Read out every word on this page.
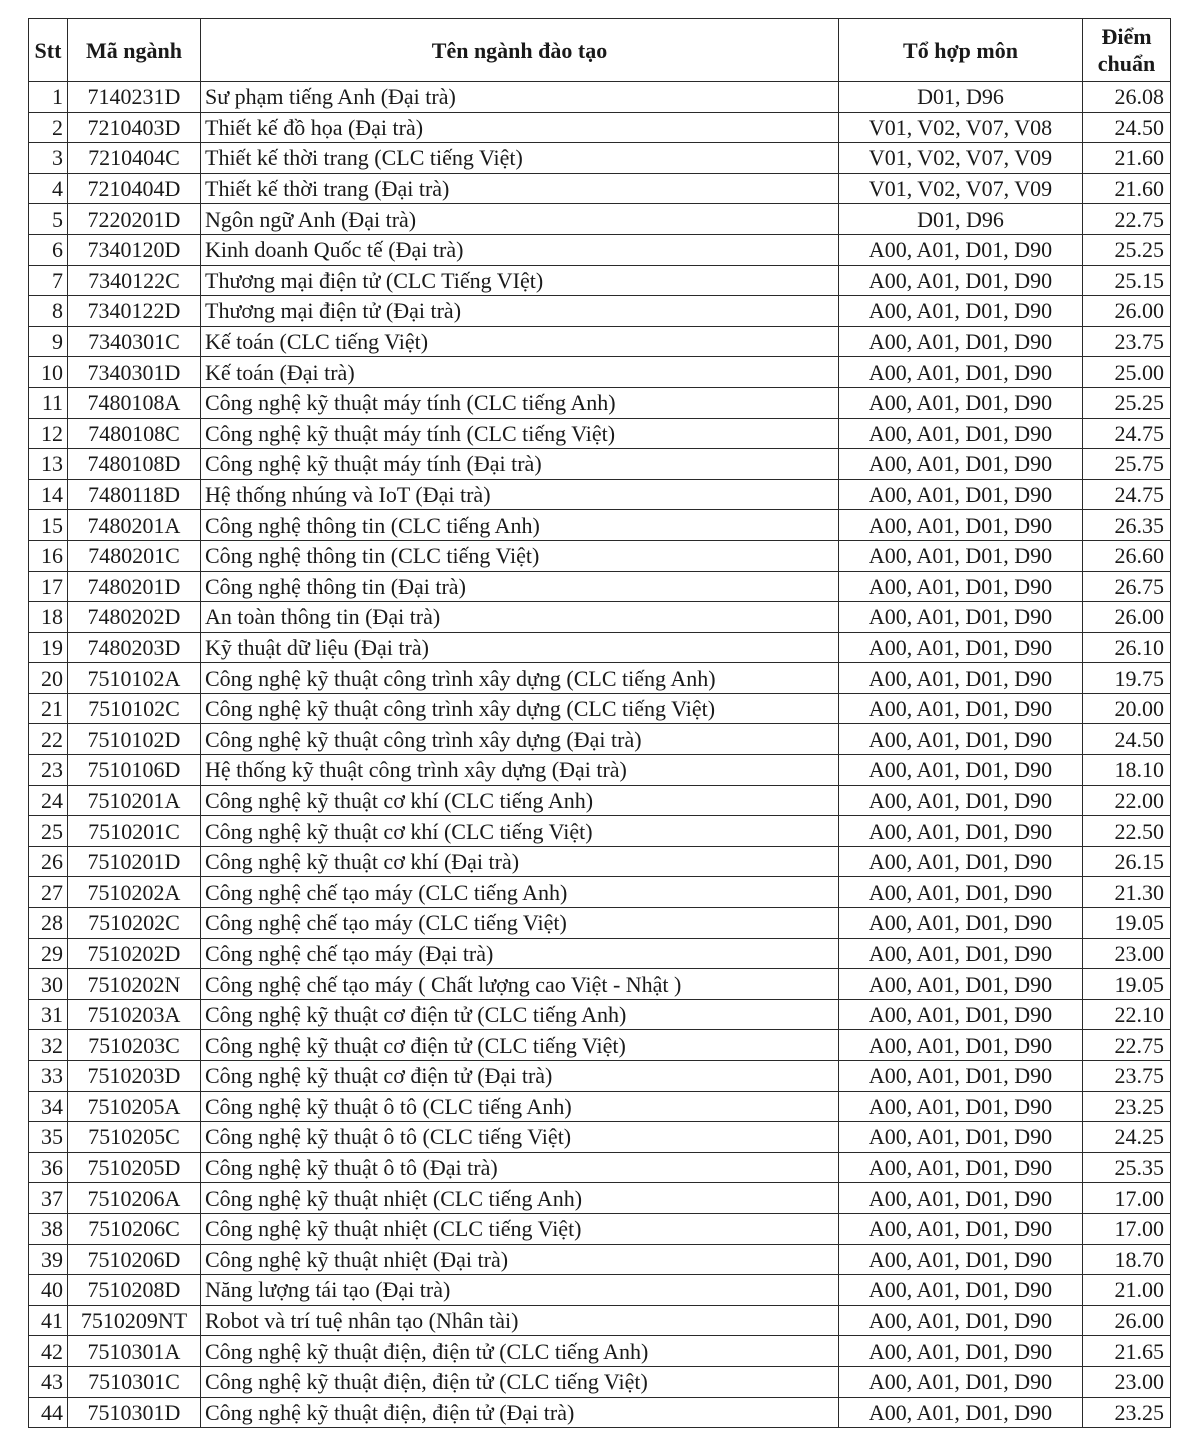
Stt	Mã ngành	Tên ngành đào tạo	Tổ hợp môn	Điểm chuẩn
1	7140231D	Sư phạm tiếng Anh (Đại trà)	D01, D96	26.08
2	7210403D	Thiết kế đồ họa (Đại trà)	V01, V02, V07, V08	24.50
3	7210404C	Thiết kế thời trang (CLC tiếng Việt)	V01, V02, V07, V09	21.60
4	7210404D	Thiết kế thời trang (Đại trà)	V01, V02, V07, V09	21.60
5	7220201D	Ngôn ngữ Anh (Đại trà)	D01, D96	22.75
6	7340120D	Kinh doanh Quốc tế (Đại trà)	A00, A01, D01, D90	25.25
7	7340122C	Thương mại điện tử (CLC Tiếng VIệt)	A00, A01, D01, D90	25.15
8	7340122D	Thương mại điện tử (Đại trà)	A00, A01, D01, D90	26.00
9	7340301C	Kế toán (CLC tiếng Việt)	A00, A01, D01, D90	23.75
10	7340301D	Kế toán (Đại trà)	A00, A01, D01, D90	25.00
11	7480108A	Công nghệ kỹ thuật máy tính (CLC tiếng Anh)	A00, A01, D01, D90	25.25
12	7480108C	Công nghệ kỹ thuật máy tính (CLC tiếng Việt)	A00, A01, D01, D90	24.75
13	7480108D	Công nghệ kỹ thuật máy tính (Đại trà)	A00, A01, D01, D90	25.75
14	7480118D	Hệ thống nhúng và IoT (Đại trà)	A00, A01, D01, D90	24.75
15	7480201A	Công nghệ thông tin (CLC tiếng Anh)	A00, A01, D01, D90	26.35
16	7480201C	Công nghệ thông tin (CLC tiếng Việt)	A00, A01, D01, D90	26.60
17	7480201D	Công nghệ thông tin (Đại trà)	A00, A01, D01, D90	26.75
18	7480202D	An toàn thông tin (Đại trà)	A00, A01, D01, D90	26.00
19	7480203D	Kỹ thuật dữ liệu (Đại trà)	A00, A01, D01, D90	26.10
20	7510102A	Công nghệ kỹ thuật công trình xây dựng (CLC tiếng Anh)	A00, A01, D01, D90	19.75
21	7510102C	Công nghệ kỹ thuật công trình xây dựng (CLC tiếng Việt)	A00, A01, D01, D90	20.00
22	7510102D	Công nghệ kỹ thuật công trình xây dựng (Đại trà)	A00, A01, D01, D90	24.50
23	7510106D	Hệ thống kỹ thuật công trình xây dựng (Đại trà)	A00, A01, D01, D90	18.10
24	7510201A	Công nghệ kỹ thuật cơ khí (CLC tiếng Anh)	A00, A01, D01, D90	22.00
25	7510201C	Công nghệ kỹ thuật cơ khí (CLC tiếng Việt)	A00, A01, D01, D90	22.50
26	7510201D	Công nghệ kỹ thuật cơ khí (Đại trà)	A00, A01, D01, D90	26.15
27	7510202A	Công nghệ chế tạo máy (CLC tiếng Anh)	A00, A01, D01, D90	21.30
28	7510202C	Công nghệ chế tạo máy (CLC tiếng Việt)	A00, A01, D01, D90	19.05
29	7510202D	Công nghệ chế tạo máy (Đại trà)	A00, A01, D01, D90	23.00
30	7510202N	Công nghệ chế tạo máy ( Chất lượng cao Việt - Nhật )	A00, A01, D01, D90	19.05
31	7510203A	Công nghệ kỹ thuật cơ điện tử (CLC tiếng Anh)	A00, A01, D01, D90	22.10
32	7510203C	Công nghệ kỹ thuật cơ điện tử (CLC tiếng Việt)	A00, A01, D01, D90	22.75
33	7510203D	Công nghệ kỹ thuật cơ điện tử (Đại trà)	A00, A01, D01, D90	23.75
34	7510205A	Công nghệ kỹ thuật ô tô (CLC tiếng Anh)	A00, A01, D01, D90	23.25
35	7510205C	Công nghệ kỹ thuật ô tô (CLC tiếng Việt)	A00, A01, D01, D90	24.25
36	7510205D	Công nghệ kỹ thuật ô tô (Đại trà)	A00, A01, D01, D90	25.35
37	7510206A	Công nghệ kỹ thuật nhiệt (CLC tiếng Anh)	A00, A01, D01, D90	17.00
38	7510206C	Công nghệ kỹ thuật nhiệt (CLC tiếng Việt)	A00, A01, D01, D90	17.00
39	7510206D	Công nghệ kỹ thuật nhiệt (Đại trà)	A00, A01, D01, D90	18.70
40	7510208D	Năng lượng tái tạo (Đại trà)	A00, A01, D01, D90	21.00
41	7510209NT	Robot và trí tuệ nhân tạo (Nhân tài)	A00, A01, D01, D90	26.00
42	7510301A	Công nghệ kỹ thuật điện, điện tử (CLC tiếng Anh)	A00, A01, D01, D90	21.65
43	7510301C	Công nghệ kỹ thuật điện, điện tử (CLC tiếng Việt)	A00, A01, D01, D90	23.00
44	7510301D	Công nghệ kỹ thuật điện, điện tử (Đại trà)	A00, A01, D01, D90	23.25
